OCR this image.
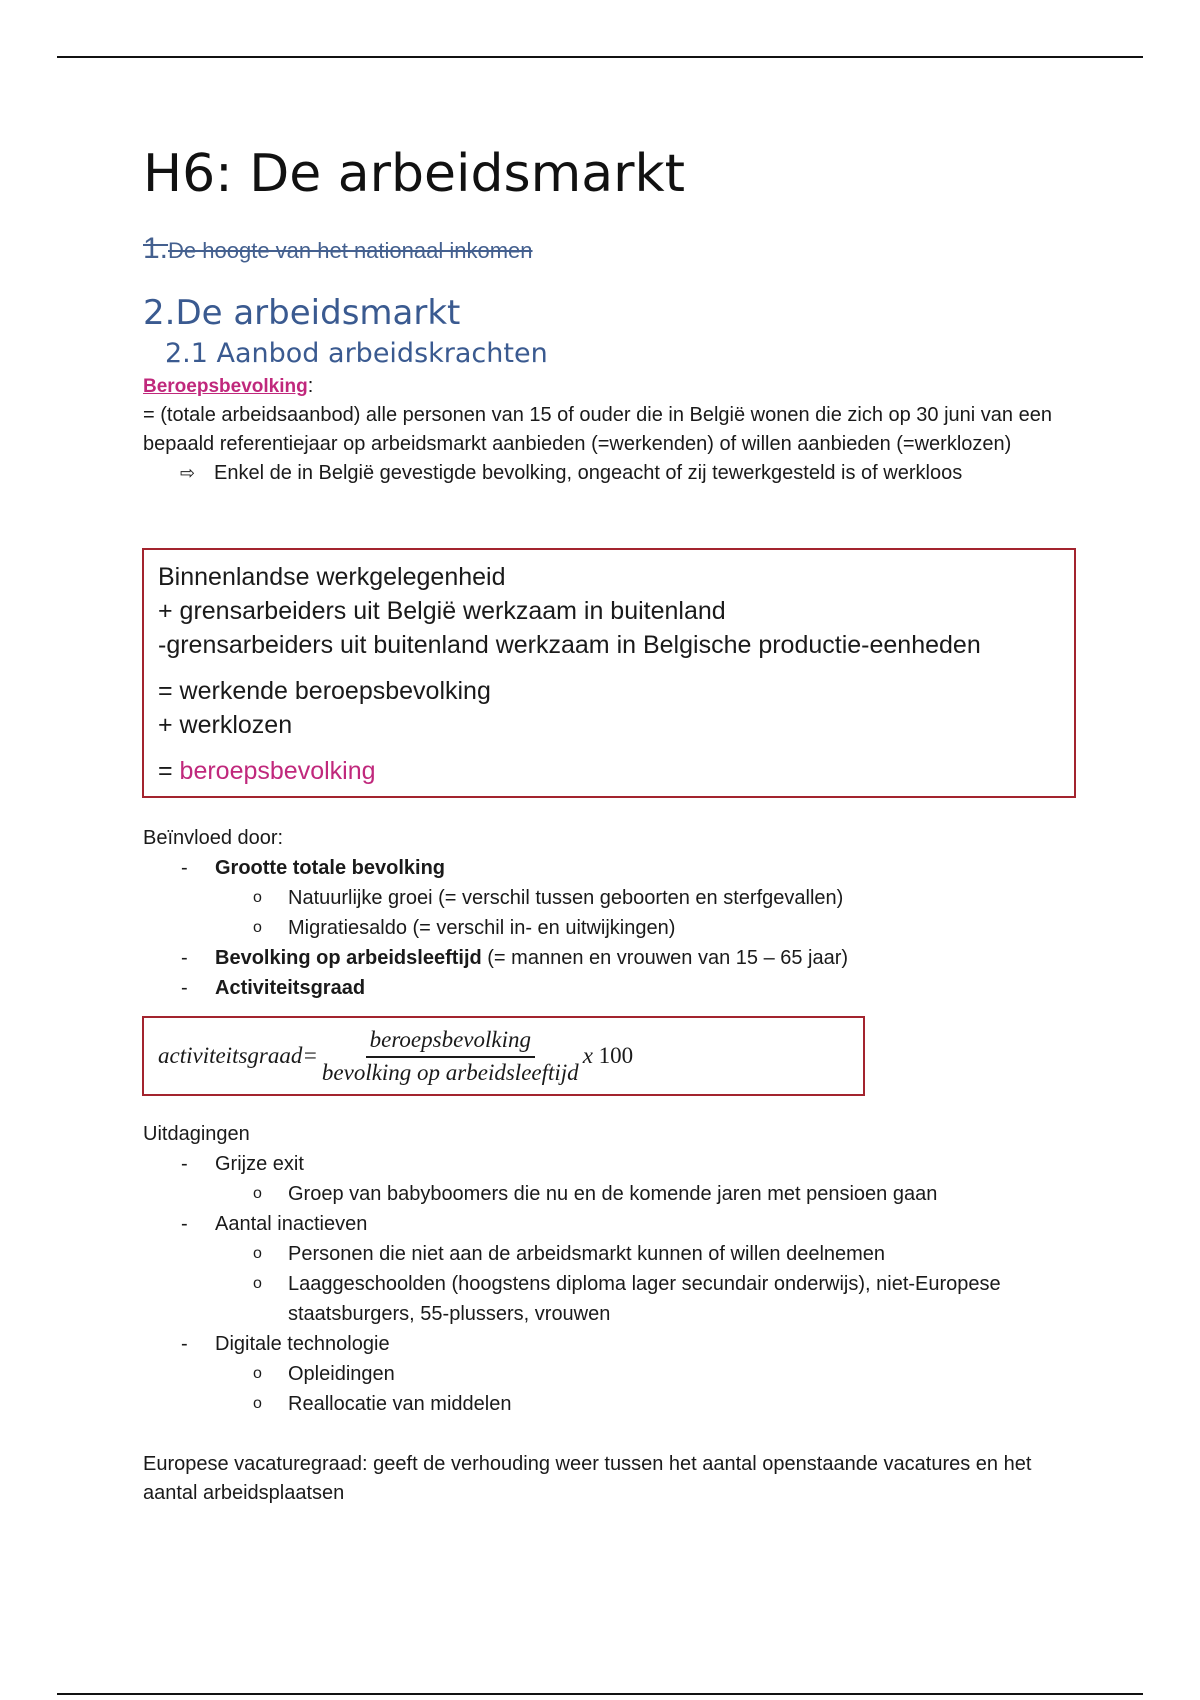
H6: De arbeidsmarkt
1.De hoogte van het nationaal inkomen
2.De arbeidsmarkt
2.1 Aanbod arbeidskrachten
Beroepsbevolking:
= (totale arbeidsaanbod) alle personen van 15 of ouder die in België wonen die zich op 30 juni van een bepaald referentiejaar op arbeidsmarkt aanbieden (=werkenden) of willen aanbieden (=werklozen)
⇨ Enkel de in België gevestigde bevolking, ongeacht of zij tewerkgesteld is of werkloos
Binnenlandse werkgelegenheid
+ grensarbeiders uit België werkzaam in buitenland
-grensarbeiders uit buitenland werkzaam in Belgische productie-eenheden
= werkende beroepsbevolking
+ werklozen
= beroepsbevolking
Beïnvloed door:
-	Grootte totale bevolking
o	Natuurlijke groei (= verschil tussen geboorten en sterfgevallen)
o	Migratiesaldo (= verschil in- en uitwijkingen)
-	Bevolking op arbeidsleeftijd (= mannen en vrouwen van 15 – 65 jaar)
-	Activiteitsgraad
activiteitsgraad = $\frac{\text{beroepsbevolking}}{\text{bevolking op arbeidsleeftijd}}$ x 100
Uitdagingen
-	Grijze exit
o	Groep van babyboomers die nu en de komende jaren met pensioen gaan
-	Aantal inactieven
o	Personen die niet aan de arbeidsmarkt kunnen of willen deelnemen
o	Laaggeschoolden (hoogstens diploma lager secundair onderwijs), niet-Europese staatsburgers, 55-plussers, vrouwen
-	Digitale technologie
o	Opleidingen
o	Reallocatie van middelen
Europese vacaturegraad: geeft de verhouding weer tussen het aantal openstaande vacatures en het aantal arbeidsplaatsen
